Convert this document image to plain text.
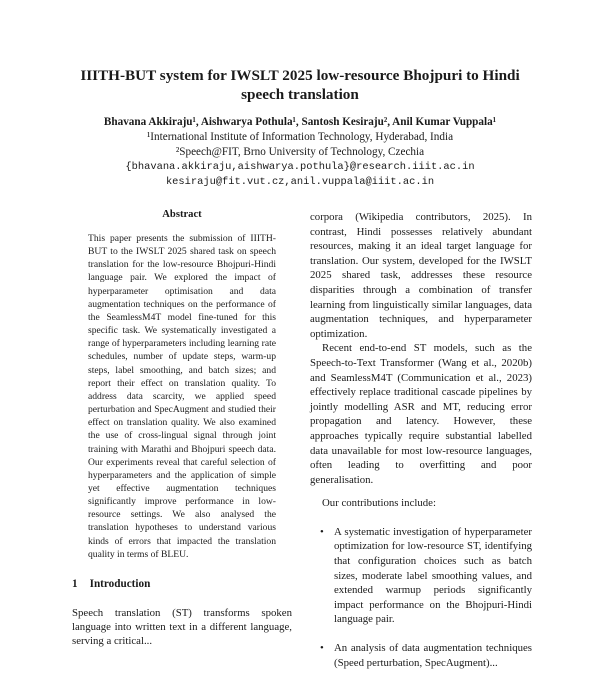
IIITH-BUT system for IWSLT 2025 low-resource Bhojpuri to Hindi speech translation
Bhavana Akkiraju¹, Aishwarya Pothula¹, Santosh Kesiraju², Anil Kumar Vuppala¹
¹International Institute of Information Technology, Hyderabad, India
²Speech@FIT, Brno University of Technology, Czechia
{bhavana.akkiraju,aishwarya.pothula}@research.iiit.ac.in
kesiraju@fit.vut.cz,anil.vuppala@iiit.ac.in
Abstract

This paper presents the submission of IIITH-BUT to the IWSLT 2025 shared task on speech translation for the low-resource Bhojpuri-Hindi language pair. We explored the impact of hyperparameter optimisation and data augmentation techniques on the performance of the SeamlessM4T model fine-tuned for this specific task. We systematically investigated a range of hyperparameters including learning rate schedules, number of update steps, warm-up steps, label smoothing, and batch sizes; and report their effect on translation quality. To address data scarcity, we applied speed perturbation and SpecAugment and studied their effect on translation quality. We also examined the use of cross-lingual signal through joint training with Marathi and Bhojpuri speech data. Our experiments reveal that careful selection of hyperparameters and the application of simple yet effective augmentation techniques significantly improve performance in low-resource settings. We also analysed the translation hypotheses to understand various kinds of errors that impacted the translation quality in terms of BLEU.

1 Introduction

Speech translation (ST) transforms spoken language into written text in a different language, serving a critical...

corpora (Wikipedia contributors, 2025). In contrast, Hindi possesses relatively abundant resources, making it an ideal target language for translation. Our system, developed for the IWSLT 2025 shared task, addresses these resource disparities through a combination of transfer learning from linguistically similar languages, data augmentation techniques, and hyperparameter optimization.

Recent end-to-end ST models, such as the Speech-to-Text Transformer (Wang et al., 2020b) and SeamlessM4T (Communication et al., 2023) effectively replace traditional cascade pipelines by jointly modelling ASR and MT, reducing error propagation and latency. However, these approaches typically require substantial labelled data unavailable for most low-resource languages, often leading to overfitting and poor generalisation.

Our contributions include:

• A systematic investigation of hyperparameter optimization for low-resource ST, identifying that configuration choices such as batch sizes, moderate label smoothing values, and extended warmup periods significantly impact performance on the Bhojpuri-Hindi language pair.
• An analysis of data augmentation techniques (Speed perturbation, SpecAugment)...
